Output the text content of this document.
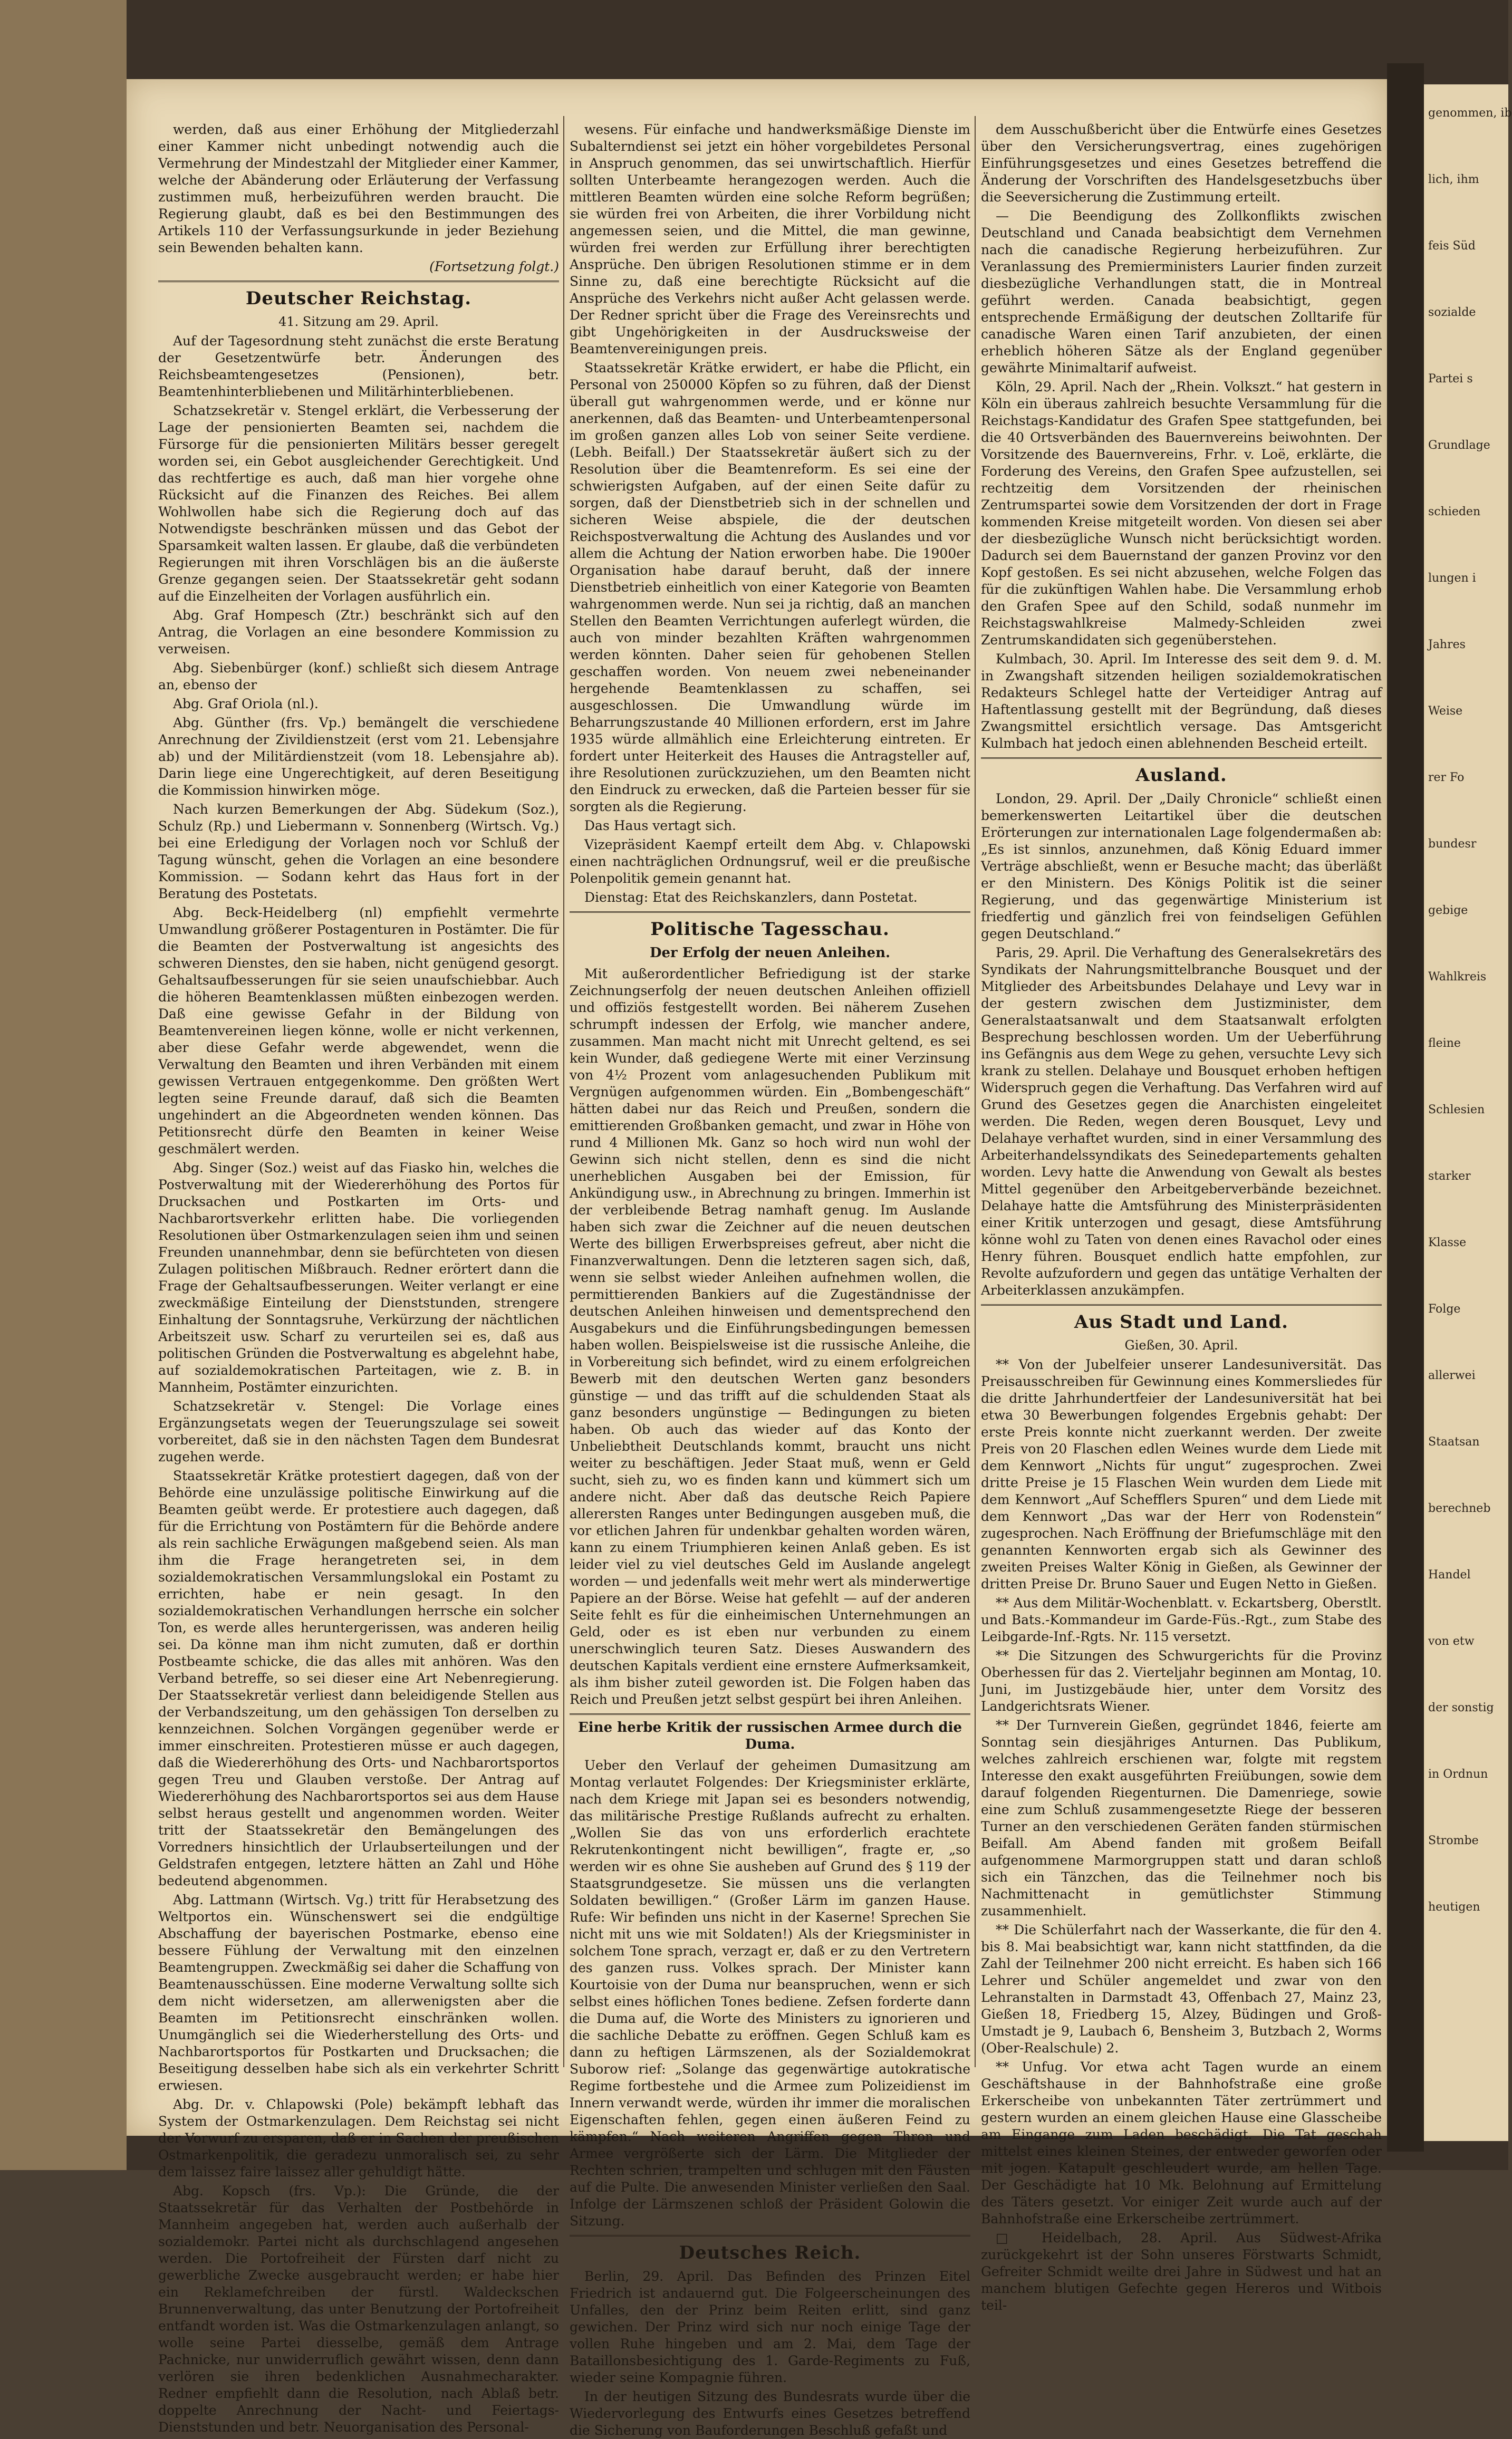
genommen, ib
lich, ihm
feis Süd
sozialde
Partei s
Grundlage
schieden
lungen i
Jahres
Weise
rer Fo
bundesr
gebige
Wahlkreis
fleine
Schlesien
starker
Klasse
Folge
allerwei
Staatsan
berechneb
Handel
von etw
der sonstig
in Ordnun
Strombe
heutigen

werden, daß aus einer Erhöhung der Mitgliederzahl einer Kammer nicht unbedingt notwendig auch die Vermehrung der Mindestzahl der Mitglieder einer Kammer, welche der Abänderung oder Erläuterung der Verfassung zustimmen muß, herbeizuführen werden braucht. Die Regierung glaubt, daß es bei den Bestimmungen des Artikels 110 der Verfassungsurkunde in jeder Beziehung sein Bewenden behalten kann.

(Fortsetzung folgt.)
Deutscher Reichstag.
41. Sitzung am 29. April.

Auf der Tagesordnung steht zunächst die erste Beratung der Gesetzentwürfe betr. Änderungen des Reichsbeamtengesetzes (Pensionen), betr. Beamtenhinterbliebenen und Militärhinterbliebenen.

Schatzsekretär v. Stengel erklärt, die Verbesserung der Lage der pensionierten Beamten sei, nachdem die Fürsorge für die pensionierten Militärs besser geregelt worden sei, ein Gebot ausgleichender Gerechtigkeit. Und das rechtfertige es auch, daß man hier vorgehe ohne Rücksicht auf die Finanzen des Reiches. Bei allem Wohlwollen habe sich die Regierung doch auf das Notwendigste beschränken müssen und das Gebot der Sparsamkeit walten lassen. Er glaube, daß die verbündeten Regierungen mit ihren Vorschlägen bis an die äußerste Grenze gegangen seien. Der Staatssekretär geht sodann auf die Einzelheiten der Vorlagen ausführlich ein.

Abg. Graf Hompesch (Ztr.) beschränkt sich auf den Antrag, die Vorlagen an eine besondere Kommission zu verweisen.

Abg. Siebenbürger (konf.) schließt sich diesem Antrage an, ebenso der

Abg. Graf Oriola (nl.).

Abg. Günther (frs. Vp.) bemängelt die verschiedene Anrechnung der Zivildienstzeit (erst vom 21. Lebensjahre ab) und der Militärdienstzeit (vom 18. Lebensjahre ab). Darin liege eine Ungerechtigkeit, auf deren Beseitigung die Kommission hinwirken möge.

Nach kurzen Bemerkungen der Abg. Südekum (Soz.), Schulz (Rp.) und Liebermann v. Sonnenberg (Wirtsch. Vg.) bei eine Erledigung der Vorlagen noch vor Schluß der Tagung wünscht, gehen die Vorlagen an eine besondere Kommission. — Sodann kehrt das Haus fort in der Beratung des Postetats.

Abg. Beck-Heidelberg (nl) empfiehlt vermehrte Umwandlung größerer Postagenturen in Postämter. Die für die Beamten der Postverwaltung ist angesichts des schweren Dienstes, den sie haben, nicht genügend gesorgt. Gehaltsaufbesserungen für sie seien unaufschiebbar. Auch die höheren Beamtenklassen müßten einbezogen werden. Daß eine gewisse Gefahr in der Bildung von Beamtenvereinen liegen könne, wolle er nicht verkennen, aber diese Gefahr werde abgewendet, wenn die Verwaltung den Beamten und ihren Verbänden mit einem gewissen Vertrauen entgegenkomme. Den größten Wert legten seine Freunde darauf, daß sich die Beamten ungehindert an die Abgeordneten wenden können. Das Petitionsrecht dürfe den Beamten in keiner Weise geschmälert werden.

Abg. Singer (Soz.) weist auf das Fiasko hin, welches die Postverwaltung mit der Wiedererhöhung des Portos für Drucksachen und Postkarten im Orts- und Nachbarortsverkehr erlitten habe. Die vorliegenden Resolutionen über Ostmarkenzulagen seien ihm und seinen Freunden unannehmbar, denn sie befürchteten von diesen Zulagen politischen Mißbrauch. Redner erörtert dann die Frage der Gehaltsaufbesserungen. Weiter verlangt er eine zweckmäßige Einteilung der Dienststunden, strengere Einhaltung der Sonntagsruhe, Verkürzung der nächtlichen Arbeitszeit usw. Scharf zu verurteilen sei es, daß aus politischen Gründen die Postverwaltung es abgelehnt habe, auf sozialdemokratischen Parteitagen, wie z. B. in Mannheim, Postämter einzurichten.

Schatzsekretär v. Stengel: Die Vorlage eines Ergänzungsetats wegen der Teuerungszulage sei soweit vorbereitet, daß sie in den nächsten Tagen dem Bundesrat zugehen werde.

Staatssekretär Krätke protestiert dagegen, daß von der Behörde eine unzulässige politische Einwirkung auf die Beamten geübt werde. Er protestiere auch dagegen, daß für die Errichtung von Postämtern für die Behörde andere als rein sachliche Erwägungen maßgebend seien. Als man ihm die Frage herangetreten sei, in dem sozialdemokratischen Versammlungslokal ein Postamt zu errichten, habe er nein gesagt. In den sozialdemokratischen Verhandlungen herrsche ein solcher Ton, es werde alles heruntergerissen, was anderen heilig sei. Da könne man ihm nicht zumuten, daß er dorthin Postbeamte schicke, die das alles mit anhören. Was den Verband betreffe, so sei dieser eine Art Nebenregierung. Der Staatssekretär verliest dann beleidigende Stellen aus der Verbandszeitung, um den gehässigen Ton derselben zu kennzeichnen. Solchen Vorgängen gegenüber werde er immer einschreiten. Protestieren müsse er auch dagegen, daß die Wiedererhöhung des Orts- und Nachbarortsportos gegen Treu und Glauben verstoße. Der Antrag auf Wiedererhöhung des Nachbarortsportos sei aus dem Hause selbst heraus gestellt und angenommen worden. Weiter tritt der Staatssekretär den Bemängelungen des Vorredners hinsichtlich der Urlaubserteilungen und der Geldstrafen entgegen, letztere hätten an Zahl und Höhe bedeutend abgenommen.

Abg. Lattmann (Wirtsch. Vg.) tritt für Herabsetzung des Weltportos ein. Wünschenswert sei die endgültige Abschaffung der bayerischen Postmarke, ebenso eine bessere Fühlung der Verwaltung mit den einzelnen Beamtengruppen. Zweckmäßig sei daher die Schaffung von Beamtenausschüssen. Eine moderne Verwaltung sollte sich dem nicht widersetzen, am allerwenigsten aber die Beamten im Petitionsrecht einschränken wollen. Unumgänglich sei die Wiederherstellung des Orts- und Nachbarortsportos für Postkarten und Drucksachen; die Beseitigung desselben habe sich als ein verkehrter Schritt erwiesen.

Abg. Dr. v. Chlapowski (Pole) bekämpft lebhaft das System der Ostmarkenzulagen. Dem Reichstag sei nicht der Vorwurf zu ersparen, daß er in Sachen der preußischen Ostmarkenpolitik, die geradezu unmoralisch sei, zu sehr dem laissez faire laissez aller gehuldigt hätte.

Abg. Kopsch (frs. Vp.): Die Gründe, die der Staatssekretär für das Verhalten der Postbehörde in Mannheim angegeben hat, werden auch außerhalb der sozialdemokr. Partei nicht als durchschlagend angesehen werden. Die Portofreiheit der Fürsten darf nicht zu gewerbliche Zwecke ausgebraucht werden; er habe hier ein Reklamefchreiben der fürstl. Waldeckschen Brunnenverwaltung, das unter Benutzung der Portofreiheit entfandt worden ist. Was die Ostmarkenzulagen anlangt, so wolle seine Partei diesselbe, gemäß dem Antrage Pachnicke, nur unwiderruflich gewährt wissen, denn dann verlören sie ihren bedenklichen Ausnahmecharakter. Redner empfiehlt dann die Resolution, nach Ablaß betr. doppelte Anrechnung der Nacht- und Feiertags-Dienststunden und betr. Neuorganisation des Personal-

wesens. Für einfache und handwerksmäßige Dienste im Subalterndienst sei jetzt ein höher vorgebildetes Personal in Anspruch genommen, das sei unwirtschaftlich. Hierfür sollten Unterbeamte herangezogen werden. Auch die mittleren Beamten würden eine solche Reform begrüßen; sie würden frei von Arbeiten, die ihrer Vorbildung nicht angemessen seien, und die Mittel, die man gewinne, würden frei werden zur Erfüllung ihrer berechtigten Ansprüche. Den übrigen Resolutionen stimme er in dem Sinne zu, daß eine berechtigte Rücksicht auf die Ansprüche des Verkehrs nicht außer Acht gelassen werde. Der Redner spricht über die Frage des Vereinsrechts und gibt Ungehörigkeiten in der Ausdrucksweise der Beamtenvereinigungen preis.

Staatssekretär Krätke erwidert, er habe die Pflicht, ein Personal von 250000 Köpfen so zu führen, daß der Dienst überall gut wahrgenommen werde, und er könne nur anerkennen, daß das Beamten- und Unterbeamtenpersonal im großen ganzen alles Lob von seiner Seite verdiene. (Lebh. Beifall.) Der Staatssekretär äußert sich zu der Resolution über die Beamtenreform. Es sei eine der schwierigsten Aufgaben, auf der einen Seite dafür zu sorgen, daß der Dienstbetrieb sich in der schnellen und sicheren Weise abspiele, die der deutschen Reichspostverwaltung die Achtung des Auslandes und vor allem die Achtung der Nation erworben habe. Die 1900er Organisation habe darauf beruht, daß der innere Dienstbetrieb einheitlich von einer Kategorie von Beamten wahrgenommen werde. Nun sei ja richtig, daß an manchen Stellen den Beamten Verrichtungen auferlegt würden, die auch von minder bezahlten Kräften wahrgenommen werden könnten. Daher seien für gehobenen Stellen geschaffen worden. Von neuem zwei nebeneinander hergehende Beamtenklassen zu schaffen, sei ausgeschlossen. Die Umwandlung würde im Beharrungszustande 40 Millionen erfordern, erst im Jahre 1935 würde allmählich eine Erleichterung eintreten. Er fordert unter Heiterkeit des Hauses die Antragsteller auf, ihre Resolutionen zurückzuziehen, um den Beamten nicht den Eindruck zu erwecken, daß die Parteien besser für sie sorgten als die Regierung.

Das Haus vertagt sich.

Vizepräsident Kaempf erteilt dem Abg. v. Chlapowski einen nachträglichen Ordnungsruf, weil er die preußische Polenpolitik gemein genannt hat.

Dienstag: Etat des Reichskanzlers, dann Postetat.

Politische Tagesschau.
Der Erfolg der neuen Anleihen.

Mit außerordentlicher Befriedigung ist der starke Zeichnungserfolg der neuen deutschen Anleihen offiziell und offiziös festgestellt worden. Bei näherem Zusehen schrumpft indessen der Erfolg, wie mancher andere, zusammen. Man macht nicht mit Unrecht geltend, es sei kein Wunder, daß gediegene Werte mit einer Verzinsung von 4½ Prozent vom anlagesuchenden Publikum mit Vergnügen aufgenommen würden. Ein „Bombengeschäft“ hätten dabei nur das Reich und Preußen, sondern die emittierenden Großbanken gemacht, und zwar in Höhe von rund 4 Millionen Mk. Ganz so hoch wird nun wohl der Gewinn sich nicht stellen, denn es sind die nicht unerheblichen Ausgaben bei der Emission, für Ankündigung usw., in Abrechnung zu bringen. Immerhin ist der verbleibende Betrag namhaft genug. Im Auslande haben sich zwar die Zeichner auf die neuen deutschen Werte des billigen Erwerbspreises gefreut, aber nicht die Finanzverwaltungen. Denn die letzteren sagen sich, daß, wenn sie selbst wieder Anleihen aufnehmen wollen, die permittierenden Bankiers auf die Zugeständnisse der deutschen Anleihen hinweisen und dementsprechend den Ausgabekurs und die Einführungsbedingungen bemessen haben wollen. Beispielsweise ist die russische Anleihe, die in Vorbereitung sich befindet, wird zu einem erfolgreichen Bewerb mit den deutschen Werten ganz besonders günstige — und das trifft auf die schuldenden Staat als ganz besonders ungünstige — Bedingungen zu bieten haben. Ob auch das wieder auf das Konto der Unbeliebtheit Deutschlands kommt, braucht uns nicht weiter zu beschäftigen. Jeder Staat muß, wenn er Geld sucht, sieh zu, wo es finden kann und kümmert sich um andere nicht. Aber daß das deutsche Reich Papiere allerersten Ranges unter Bedingungen ausgeben muß, die vor etlichen Jahren für undenkbar gehalten worden wären, kann zu einem Triumphieren keinen Anlaß geben. Es ist leider viel zu viel deutsches Geld im Auslande angelegt worden — und jedenfalls weit mehr wert als minderwertige Papiere an der Börse. Weise hat gefehlt — auf der anderen Seite fehlt es für die einheimischen Unternehmungen an Geld, oder es ist eben nur verbunden zu einem unerschwinglich teuren Satz. Dieses Auswandern des deutschen Kapitals verdient eine ernstere Aufmerksamkeit, als ihm bisher zuteil geworden ist. Die Folgen haben das Reich und Preußen jetzt selbst gespürt bei ihren Anleihen.

Eine herbe Kritik der russischen Armee durch die Duma.

Ueber den Verlauf der geheimen Dumasitzung am Montag verlautet Folgendes: Der Kriegsminister erklärte, nach dem Kriege mit Japan sei es besonders notwendig, das militärische Prestige Rußlands aufrecht zu erhalten. „Wollen Sie das von uns erforderlich erachtete Rekrutenkontingent nicht bewilligen“, fragte er, „so werden wir es ohne Sie ausheben auf Grund des § 119 der Staatsgrundgesetze. Sie müssen uns die verlangten Soldaten bewilligen.“ (Großer Lärm im ganzen Hause. Rufe: Wir befinden uns nicht in der Kaserne! Sprechen Sie nicht mit uns wie mit Soldaten!) Als der Kriegsminister in solchem Tone sprach, verzagt er, daß er zu den Vertretern des ganzen russ. Volkes sprach. Der Minister kann Kourtoisie von der Duma nur beanspruchen, wenn er sich selbst eines höflichen Tones bediene. Zefsen forderte dann die Duma auf, die Worte des Ministers zu ignorieren und die sachliche Debatte zu eröffnen. Gegen Schluß kam es dann zu heftigen Lärmszenen, als der Sozialdemokrat Suborow rief: „Solange das gegenwärtige autokratische Regime fortbestehe und die Armee zum Polizeidienst im Innern verwandt werde, würden ihr immer die moralischen Eigenschaften fehlen, gegen einen äußeren Feind zu kämpfen.“ Nach weiteren Angriffen gegen Thron und Armee vergrößerte sich der Lärm. Die Mitglieder der Rechten schrien, trampelten und schlugen mit den Fäusten auf die Pulte. Die anwesenden Minister verließen den Saal. Infolge der Lärmszenen schloß der Präsident Golowin die Sitzung.

Deutsches Reich.

Berlin, 29. April. Das Befinden des Prinzen Eitel Friedrich ist andauernd gut. Die Folgeerscheinungen des Unfalles, den der Prinz beim Reiten erlitt, sind ganz gewichen. Der Prinz wird sich nur noch einige Tage der vollen Ruhe hingeben und am 2. Mai, dem Tage der Bataillonsbesichtigung des 1. Garde-Regiments zu Fuß, wieder seine Kompagnie führen.

In der heutigen Sitzung des Bundesrats wurde über die Wiedervorlegung des Entwurfs eines Gesetzes betreffend die Sicherung von Bauforderungen Beschluß gefaßt und

dem Ausschußbericht über die Entwürfe eines Gesetzes über den Versicherungsvertrag, eines zugehörigen Einführungsgesetzes und eines Gesetzes betreffend die Änderung der Vorschriften des Handelsgesetzbuchs über die Seeversicherung die Zustimmung erteilt.

— Die Beendigung des Zollkonflikts zwischen Deutschland und Canada beabsichtigt dem Vernehmen nach die canadische Regierung herbeizuführen. Zur Veranlassung des Premierministers Laurier finden zurzeit diesbezügliche Verhandlungen statt, die in Montreal geführt werden. Canada beabsichtigt, gegen entsprechende Ermäßigung der deutschen Zolltarife für canadische Waren einen Tarif anzubieten, der einen erheblich höheren Sätze als der England gegenüber gewährte Minimaltarif aufweist.

Köln, 29. April. Nach der „Rhein. Volkszt.“ hat gestern in Köln ein überaus zahlreich besuchte Versammlung für die Reichstags-Kandidatur des Grafen Spee stattgefunden, bei die 40 Ortsverbänden des Bauernvereins beiwohnten. Der Vorsitzende des Bauernvereins, Frhr. v. Loë, erklärte, die Forderung des Vereins, den Grafen Spee aufzustellen, sei rechtzeitig dem Vorsitzenden der rheinischen Zentrumspartei sowie dem Vorsitzenden der dort in Frage kommenden Kreise mitgeteilt worden. Von diesen sei aber der diesbezügliche Wunsch nicht berücksichtigt worden. Dadurch sei dem Bauernstand der ganzen Provinz vor den Kopf gestoßen. Es sei nicht abzusehen, welche Folgen das für die zukünftigen Wahlen habe. Die Versammlung erhob den Grafen Spee auf den Schild, sodaß nunmehr im Reichstagswahlkreise Malmedy-Schleiden zwei Zentrumskandidaten sich gegenüberstehen.

Kulmbach, 30. April. Im Interesse des seit dem 9. d. M. in Zwangshaft sitzenden heiligen sozialdemokratischen Redakteurs Schlegel hatte der Verteidiger Antrag auf Haftentlassung gestellt mit der Begründung, daß dieses Zwangsmittel ersichtlich versage. Das Amtsgericht Kulmbach hat jedoch einen ablehnenden Bescheid erteilt.

Ausland.

London, 29. April. Der „Daily Chronicle“ schließt einen bemerkenswerten Leitartikel über die deutschen Erörterungen zur internationalen Lage folgendermaßen ab: „Es ist sinnlos, anzunehmen, daß König Eduard immer Verträge abschließt, wenn er Besuche macht; das überläßt er den Ministern. Des Königs Politik ist die seiner Regierung, und das gegenwärtige Ministerium ist friedfertig und gänzlich frei von feindseligen Gefühlen gegen Deutschland.“

Paris, 29. April. Die Verhaftung des Generalsekretärs des Syndikats der Nahrungsmittelbranche Bousquet und der Mitglieder des Arbeitsbundes Delahaye und Levy war in der gestern zwischen dem Justizminister, dem Generalstaatsanwalt und dem Staatsanwalt erfolgten Besprechung beschlossen worden. Um der Ueberführung ins Gefängnis aus dem Wege zu gehen, versuchte Levy sich krank zu stellen. Delahaye und Bousquet erhoben heftigen Widerspruch gegen die Verhaftung. Das Verfahren wird auf Grund des Gesetzes gegen die Anarchisten eingeleitet werden. Die Reden, wegen deren Bousquet, Levy und Delahaye verhaftet wurden, sind in einer Versammlung des Arbeiterhandelssyndikats des Seinedepartements gehalten worden. Levy hatte die Anwendung von Gewalt als bestes Mittel gegenüber den Arbeitgeberverbände bezeichnet. Delahaye hatte die Amtsführung des Ministerpräsidenten einer Kritik unterzogen und gesagt, diese Amtsführung könne wohl zu Taten von denen eines Ravachol oder eines Henry führen. Bousquet endlich hatte empfohlen, zur Revolte aufzufordern und gegen das untätige Verhalten der Arbeiterklassen anzukämpfen.

Aus Stadt und Land.
Gießen, 30. April.

** Von der Jubelfeier unserer Landesuniversität. Das Preisausschreiben für Gewinnung eines Kommersliedes für die dritte Jahrhundertfeier der Landesuniversität hat bei etwa 30 Bewerbungen folgendes Ergebnis gehabt: Der erste Preis konnte nicht zuerkannt werden. Der zweite Preis von 20 Flaschen edlen Weines wurde dem Liede mit dem Kennwort „Nichts für ungut“ zugesprochen. Zwei dritte Preise je 15 Flaschen Wein wurden dem Liede mit dem Kennwort „Auf Schefflers Spuren“ und dem Liede mit dem Kennwort „Das war der Herr von Rodenstein“ zugesprochen. Nach Eröffnung der Briefumschläge mit den genannten Kennworten ergab sich als Gewinner des zweiten Preises Walter König in Gießen, als Gewinner der dritten Preise Dr. Bruno Sauer und Eugen Netto in Gießen.

** Aus dem Militär-Wochenblatt. v. Eckartsberg, Oberstlt. und Bats.-Kommandeur im Garde-Füs.-Rgt., zum Stabe des Leibgarde-Inf.-Rgts. Nr. 115 versetzt.

** Die Sitzungen des Schwurgerichts für die Provinz Oberhessen für das 2. Vierteljahr beginnen am Montag, 10. Juni, im Justizgebäude hier, unter dem Vorsitz des Landgerichtsrats Wiener.

** Der Turnverein Gießen, gegründet 1846, feierte am Sonntag sein diesjähriges Anturnen. Das Publikum, welches zahlreich erschienen war, folgte mit regstem Interesse den exakt ausgeführten Freiübungen, sowie dem darauf folgenden Riegenturnen. Die Damenriege, sowie eine zum Schluß zusammengesetzte Riege der besseren Turner an den verschiedenen Geräten fanden stürmischen Beifall. Am Abend fanden mit großem Beifall aufgenommene Marmorgruppen statt und daran schloß sich ein Tänzchen, das die Teilnehmer noch bis Nachmittenacht in gemütlichster Stimmung zusammenhielt.

** Die Schülerfahrt nach der Wasserkante, die für den 4. bis 8. Mai beabsichtigt war, kann nicht stattfinden, da die Zahl der Teilnehmer 200 nicht erreicht. Es haben sich 166 Lehrer und Schüler angemeldet und zwar von den Lehranstalten in Darmstadt 43, Offenbach 27, Mainz 23, Gießen 18, Friedberg 15, Alzey, Büdingen und Groß-Umstadt je 9, Laubach 6, Bensheim 3, Butzbach 2, Worms (Ober-Realschule) 2.

** Unfug. Vor etwa acht Tagen wurde an einem Geschäftshause in der Bahnhofstraße eine große Erkerscheibe von unbekannten Täter zertrümmert und gestern wurden an einem gleichen Hause eine Glasscheibe am Eingange zum Laden beschädigt. Die Tat geschah mittelst eines kleinen Steines, der entweder geworfen oder mit jogen. Katapult geschleudert wurde, am hellen Tage. Der Geschädigte hat 10 Mk. Belohnung auf Ermittelung des Täters gesetzt. Vor einiger Zeit wurde auch auf der Bahnhofstraße eine Erkerscheibe zertrümmert.

□ Heidelbach, 28. April. Aus Südwest-Afrika zurückgekehrt ist der Sohn unseres Förstwarts Schmidt, Gefreiter Schmidt weilte drei Jahre in Südwest und hat an manchem blutigen Gefechte gegen Hereros und Witbois teil-
